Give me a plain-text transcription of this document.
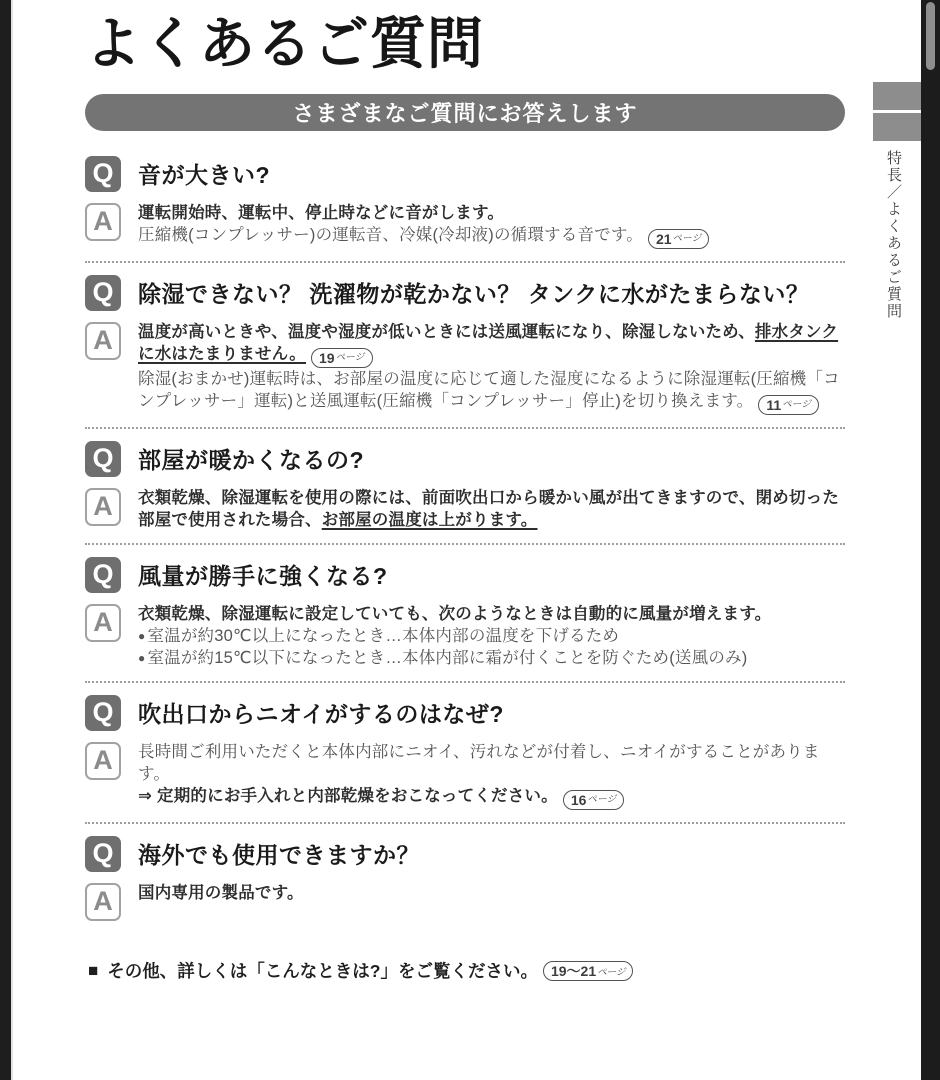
特長／よくあるご質問
よくあるご質問
さまざまなご質問にお答えします
Q	音が大きい?
A	運転開始時、運転中、停止時などに音がします。
圧縮機(コンプレッサー)の運転音、冷媒(冷却液)の循環する音です。 21 ページ
Q	除湿できない？ 洗濯物が乾かない？ タンクに水がたまらない？
A	温度が高いときや、温度や湿度が低いときには送風運転になり、除湿しないため、排水タンクに水はたまりません。 19 ページ

除湿(おまかせ)運転時は、お部屋の温度に応じて適した湿度になるように除湿運転(圧縮機「コンプレッサー」運転)と送風運転(圧縮機「コンプレッサー」停止)を切り換えます。 11 ページ
Q	部屋が暖かくなるの?
A	衣類乾燥、除湿運転を使用の際には、前面吹出口から暖かい風が出てきますので、閉め切った部屋で使用された場合、お部屋の温度は上がります。
Q	風量が勝手に強くなる?
A	衣類乾燥、除湿運転に設定していても、次のようなときは自動的に風量が増えます。
● 室温が約30℃以上になったとき…本体内部の温度を下げるため
● 室温が約15℃以下になったとき…本体内部に霜が付くことを防ぐため(送風のみ)
Q	吹出口からニオイがするのはなぜ?
A	長時間ご利用いただくと本体内部にニオイ、汚れなどが付着し、ニオイがすることがあります。
⇒ 定期的にお手入れと内部乾燥をおこなってください。 16 ページ
Q	海外でも使用できますか？
A	国内専用の製品です。
■ その他、詳しくは「こんなときは?」をご覧ください。 19〜21 ページ
